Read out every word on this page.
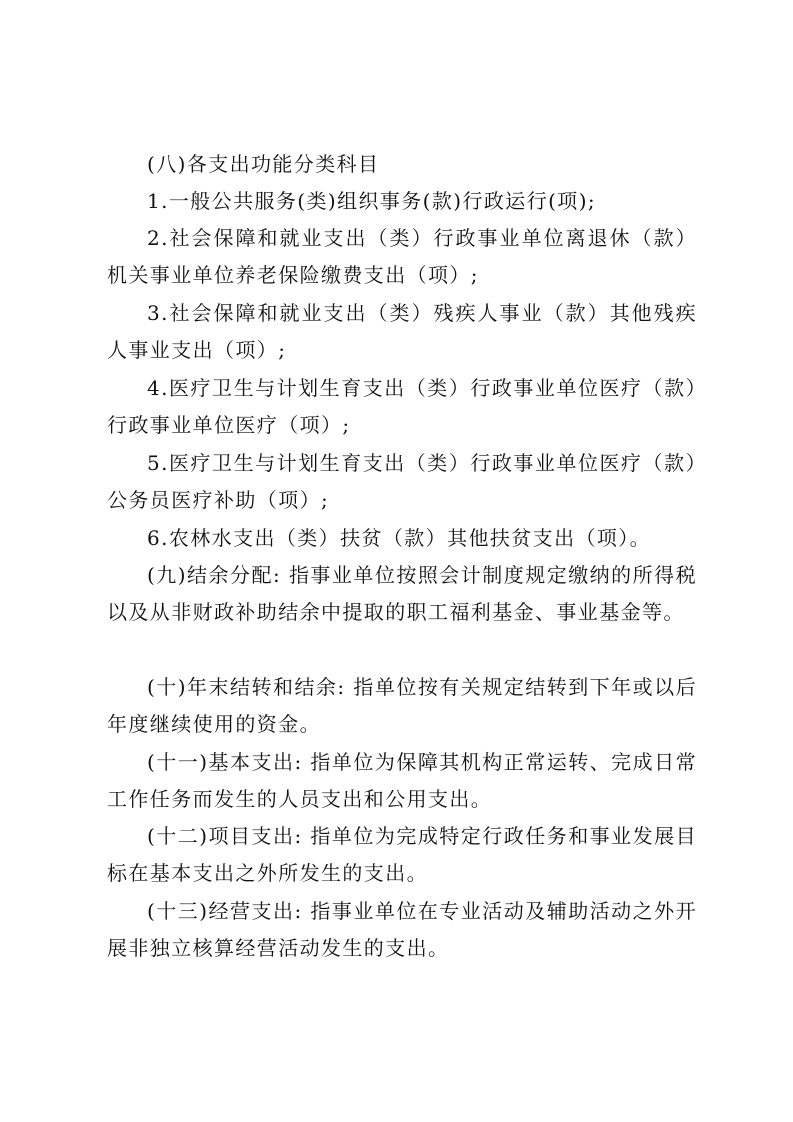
(八)各支出功能分类科目

1.一般公共服务(类)组织事务(款)行政运行(项);

2.社会保障和就业支出（类）行政事业单位离退休（款）机关事业单位养老保险缴费支出（项）;

3.社会保障和就业支出（类）残疾人事业（款）其他残疾人事业支出（项）;

4.医疗卫生与计划生育支出（类）行政事业单位医疗（款）行政事业单位医疗（项）;

5.医疗卫生与计划生育支出（类）行政事业单位医疗（款）公务员医疗补助（项）;

6.农林水支出（类）扶贫（款）其他扶贫支出（项）。

(九)结余分配: 指事业单位按照会计制度规定缴纳的所得税以及从非财政补助结余中提取的职工福利基金、事业基金等。

(十)年末结转和结余: 指单位按有关规定结转到下年或以后年度继续使用的资金。

(十一)基本支出: 指单位为保障其机构正常运转、完成日常工作任务而发生的人员支出和公用支出。

(十二)项目支出: 指单位为完成特定行政任务和事业发展目标在基本支出之外所发生的支出。

(十三)经营支出: 指事业单位在专业活动及辅助活动之外开展非独立核算经营活动发生的支出。
